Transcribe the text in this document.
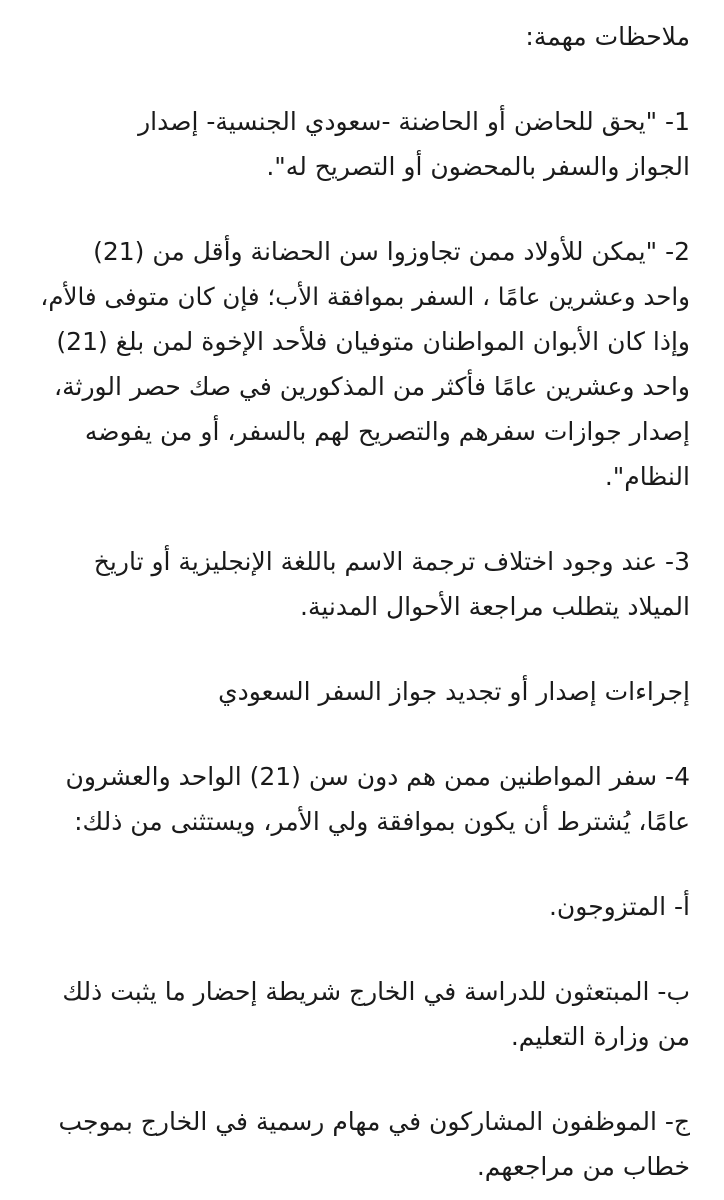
ملاحظات مهمة:

1- "يحق للحاضن أو الحاضنة -سعودي الجنسية- إصدار
الجواز والسفر بالمحضون أو التصريح له".

2- "يمكن للأولاد ممن تجاوزوا سن الحضانة وأقل من (21)
واحد وعشرين عامًا ، السفر بموافقة الأب؛ فإن كان متوفى فالأم،
وإذا كان الأبوان المواطنان متوفيان فلأحد الإخوة لمن بلغ (21)
واحد وعشرين عامًا فأكثر من المذكورين في صك حصر الورثة،
إصدار جوازات سفرهم والتصريح لهم بالسفر، أو من يفوضه
النظام".

3- عند وجود اختلاف ترجمة الاسم باللغة الإنجليزية أو تاريخ
الميلاد يتطلب مراجعة الأحوال المدنية.

إجراءات إصدار أو تجديد جواز السفر السعودي

4- سفر المواطنين ممن هم دون سن (21) الواحد والعشرون
عامًا، يُشترط أن يكون بموافقة ولي الأمر، ويستثنى من ذلك:

أ- المتزوجون.

ب- المبتعثون للدراسة في الخارج شريطة إحضار ما يثبت ذلك
من وزارة التعليم.

ج- الموظفون المشاركون في مهام رسمية في الخارج بموجب
خطاب من مراجعهم.
